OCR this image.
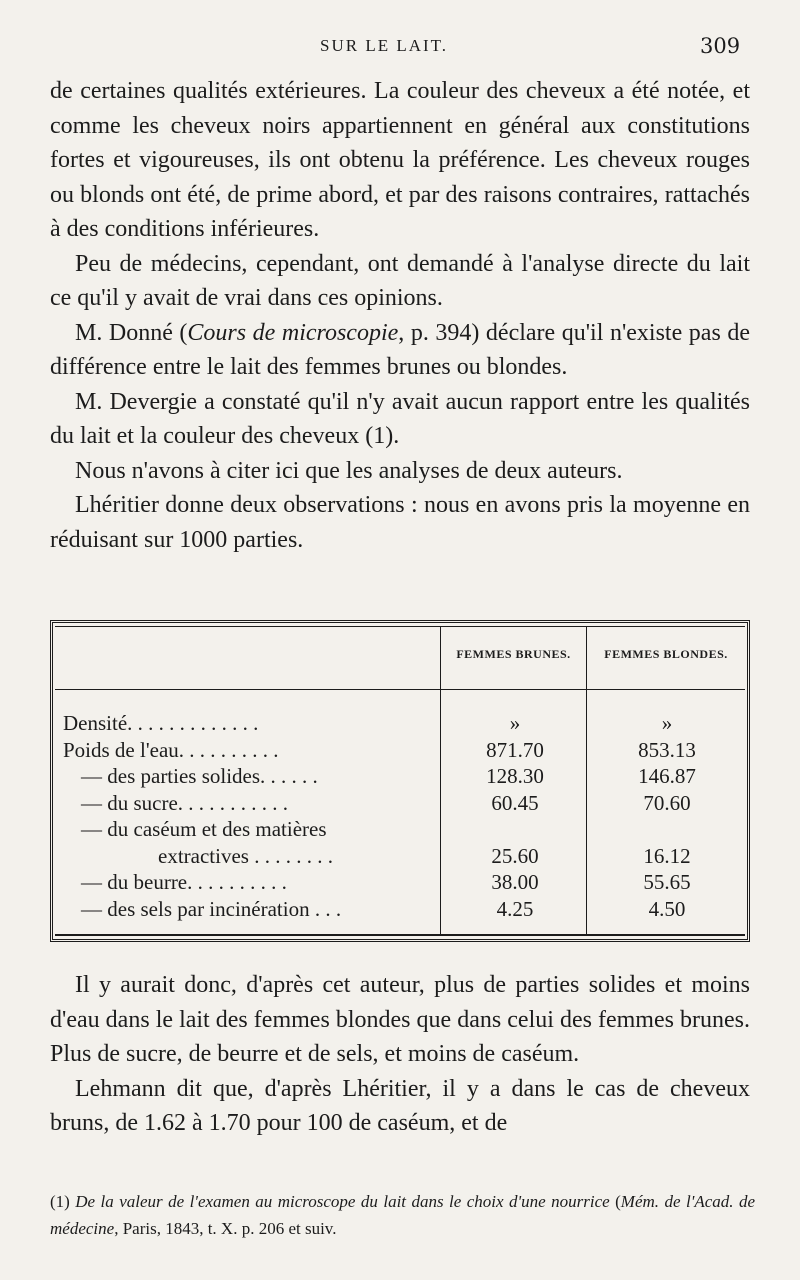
SUR LE LAIT.	309

de certaines qualités extérieures. La couleur des cheveux a été notée, et comme les cheveux noirs appartiennent en général aux constitutions fortes et vigoureuses, ils ont obtenu la préférence. Les cheveux rouges ou blonds ont été, de prime abord, et par des raisons contraires, rattachés à des conditions inférieures.

Peu de médecins, cependant, ont demandé à l'analyse directe du lait ce qu'il y avait de vrai dans ces opinions.

M. Donné (Cours de microscopie, p. 394) déclare qu'il n'existe pas de différence entre le lait des femmes brunes ou blondes.

M. Devergie a constaté qu'il n'y avait aucun rapport entre les qualités du lait et la couleur des cheveux (1).

Nous n'avons à citer ici que les analyses de deux auteurs.

Lhéritier donne deux observations : nous en avons pris la moyenne en réduisant sur 1000 parties.

FEMMES BRUNES.	FEMMES BLONDES.
Densité. . . . . . . . . . . . .	»	»
Poids de l'eau. . . . . . . . . .	871.70	853.13
— des parties solides. . . . . .	128.30	146.87
— du sucre. . . . . . . . . . .	60.45	70.60
— du caséum et des matières
extractives . . . . . . . .	25.60	16.12
— du beurre. . . . . . . . . .	38.00	55.65
— des sels par incinération . . .	4.25	4.50

Il y aurait donc, d'après cet auteur, plus de parties solides et moins d'eau dans le lait des femmes blondes que dans celui des femmes brunes. Plus de sucre, de beurre et de sels, et moins de caséum.

Lehmann dit que, d'après Lhéritier, il y a dans le cas de cheveux bruns, de 1.62 à 1.70 pour 100 de caséum, et de

(1) De la valeur de l'examen au microscope du lait dans le choix d'une nourrice (Mém. de l'Acad. de médecine, Paris, 1843, t. X. p. 206 et suiv.
